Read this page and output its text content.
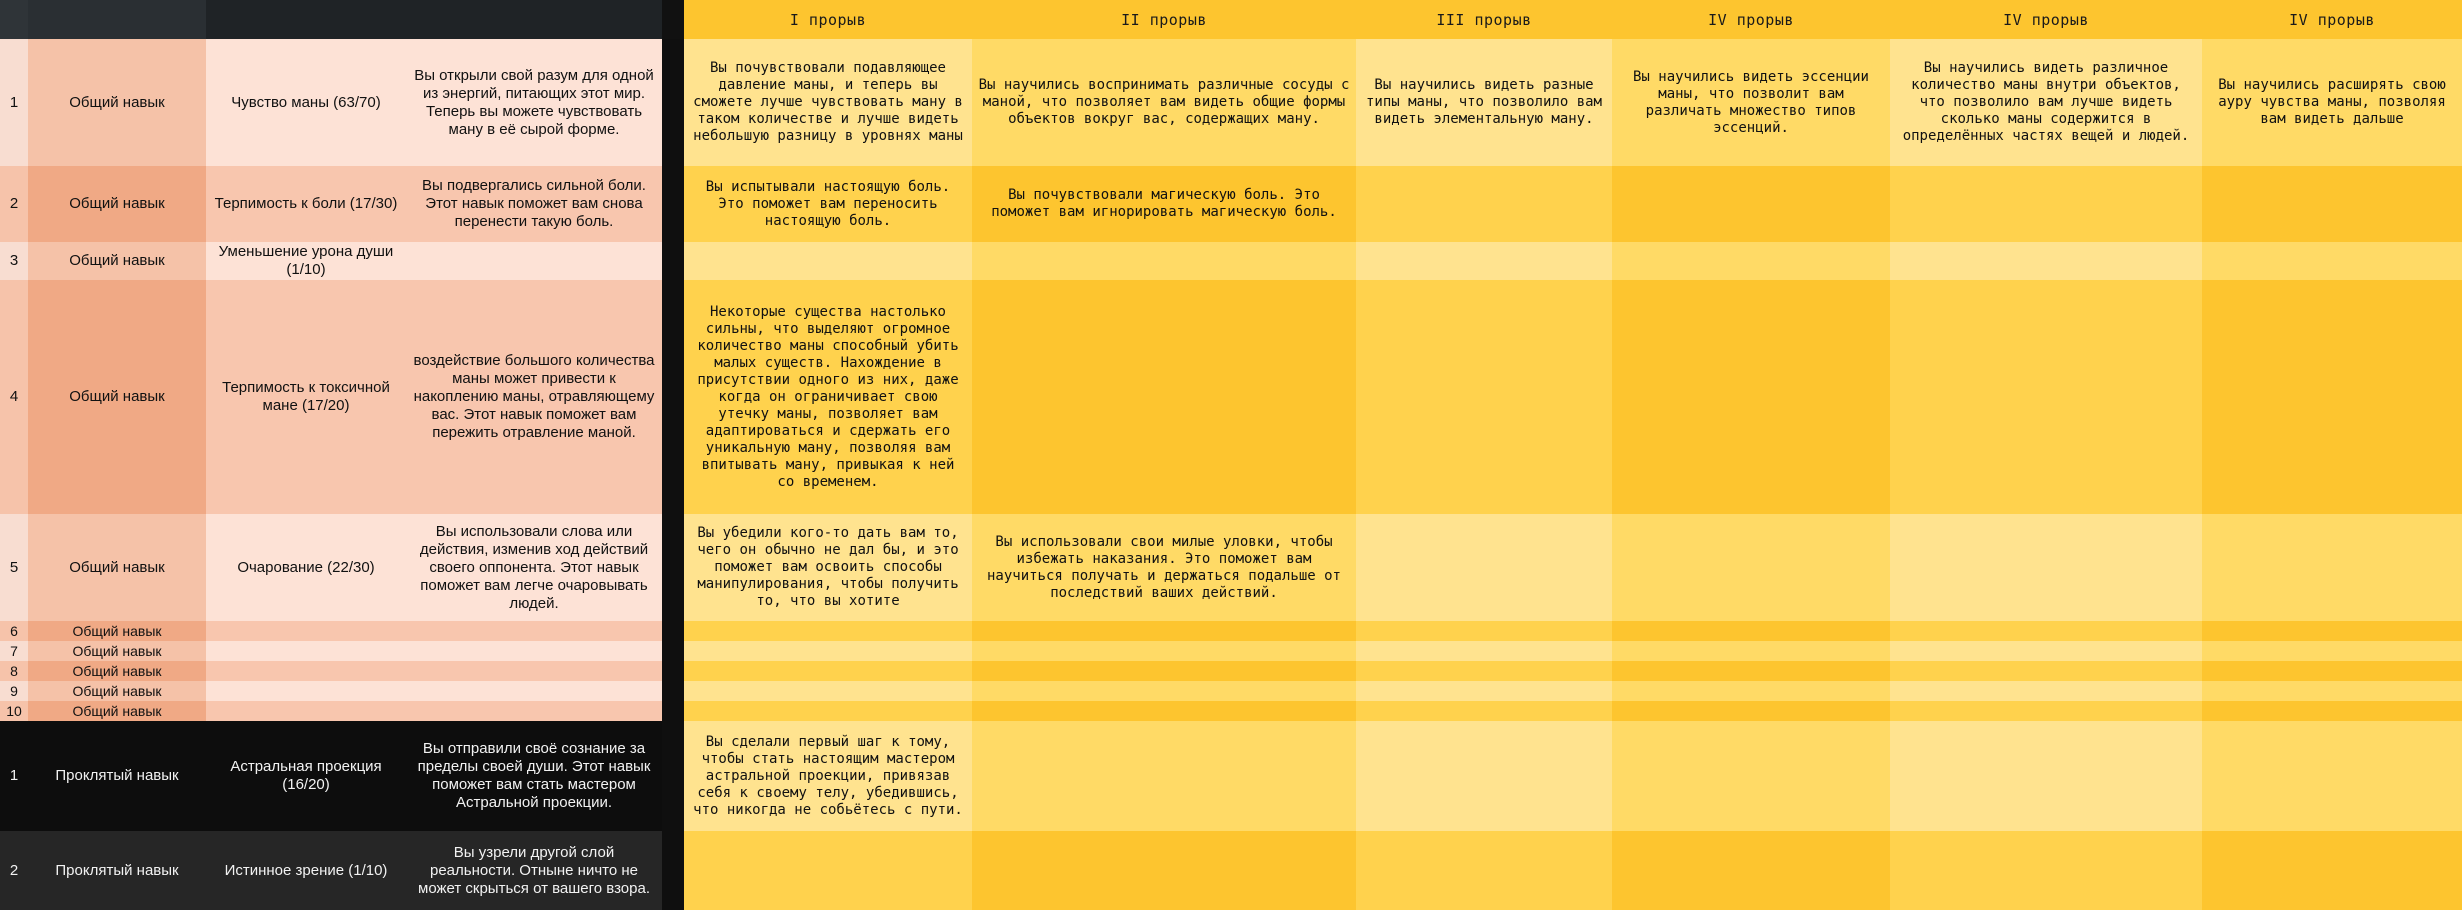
					I прорыв	II прорыв	III прорыв	IV прорыв	IV прорыв	IV прорыв
1	Общий навык	Чувство маны (63/70)	Вы открыли свой разум для одной из энергий, питающих этот мир. Теперь вы можете чувствовать ману в её сырой форме.		Вы почувствовали подавляющее давление маны, и теперь вы сможете лучше чувствовать ману в таком количестве и лучше видеть небольшую разницу в уровнях маны	Вы научились воспринимать различные сосуды с маной, что позволяет вам видеть общие формы объектов вокруг вас, содержащих ману.	Вы научились видеть разные типы маны, что позволило вам видеть элементальную ману.	Вы научились видеть эссенции маны, что позволит вам различать множество типов эссенций.	Вы научились видеть различное количество маны внутри объектов, что позволило вам лучше видеть сколько маны содержится в определённых частях вещей и людей.	Вы научились расширять свою ауру чувства маны, позволяя вам видеть дальше
2	Общий навык	Терпимость к боли (17/30)	Вы подвергались сильной боли. Этот навык поможет вам снова перенести такую боль.		Вы испытывали настоящую боль. Это поможет вам переносить настоящую боль.	Вы почувствовали магическую боль. Это поможет вам игнорировать магическую боль.				
3	Общий навык	Уменьшение урона души (1/10)								
4	Общий навык	Терпимость к токсичной мане (17/20)	воздействие большого количества маны может привести к накоплению маны, отравляющему вас. Этот навык поможет вам пережить отравление маной.		Некоторые существа настолько сильны, что выделяют огромное количество маны способный убить малых существ. Нахождение в присутствии одного из них, даже когда он ограничивает свою утечку маны, позволяет вам адаптироваться и сдержать его уникальную ману, позволяя вам впитывать ману, привыкая к ней со временем.					
5	Общий навык	Очарование (22/30)	Вы использовали слова или действия, изменив ход действий своего оппонента. Этот навык поможет вам легче очаровывать людей.		Вы убедили кого-то дать вам то, чего он обычно не дал бы, и это поможет вам освоить способы манипулирования, чтобы получить то, что вы хотите	Вы использовали свои милые уловки, чтобы избежать наказания. Это поможет вам научиться получать и держаться подальше от последствий ваших действий.				
6	Общий навык									
7	Общий навык									
8	Общий навык									
9	Общий навык									
10	Общий навык									
1	Проклятый навык	Астральная проекция (16/20)	Вы отправили своё сознание за пределы своей души. Этот навык поможет вам стать мастером Астральной проекции.		Вы сделали первый шаг к тому, чтобы стать настоящим мастером астральной проекции, привязав себя к своему телу, убедившись, что никогда не собьётесь с пути.					
2	Проклятый навык	Истинное зрение (1/10)	Вы узрели другой слой реальности. Отныне ничто не может скрыться от вашего взора.							
